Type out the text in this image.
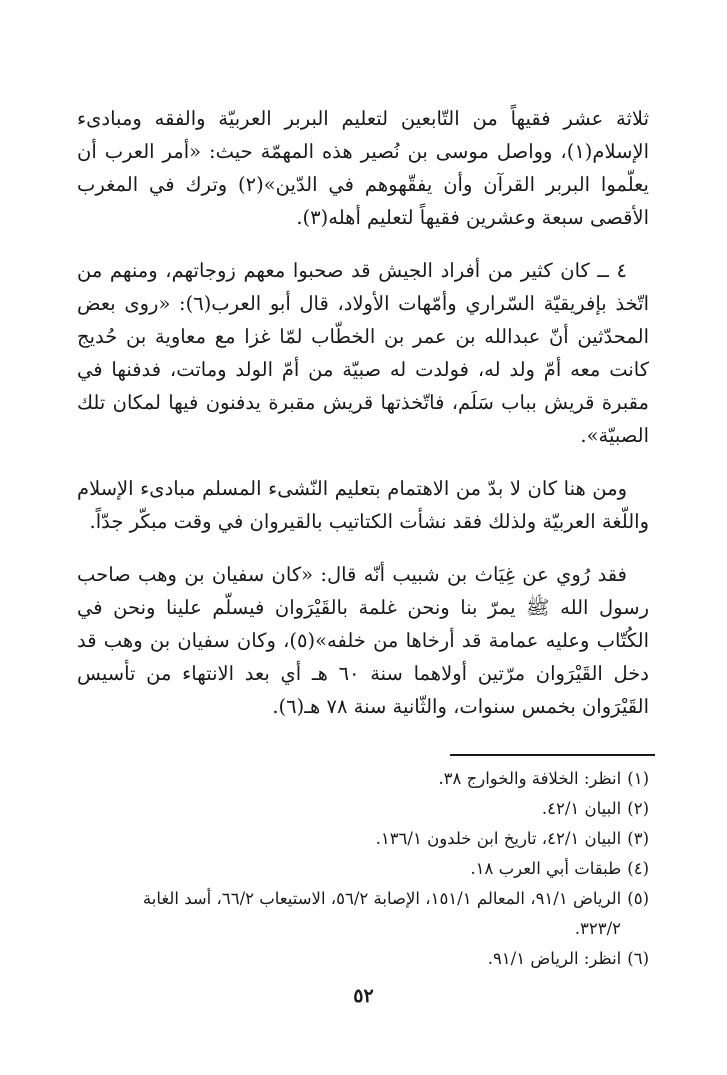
ثلاثة عشر فقيهاً من التّابعين لتعليم البربر العربيّة والفقه ومبادىء الإسلام(١)، وواصل موسى بن نُصير هذه المهمّة حيث: «أمر العرب أن يعلّموا البربر القرآن وأن يفقّهوهم في الدّين»(٢) وترك في المغرب الأقصى سبعة وعشرين فقيهاً لتعليم أهله(٣).

٤ ــ كان كثير من أفراد الجيش قد صحبوا معهم زوجاتهم، ومنهم من اتّخذ بإفريقيّة السّراري وأمّهات الأولاد، قال أبو العرب(٦): «روى بعض المحدّثين أنّ عبدالله بن عمر بن الخطّاب لمّا غزا مع معاوية بن حُديج كانت معه أمّ ولد له، فولدت له صبيّة من أمّ الولد وماتت، فدفنها في مقبرة قريش بباب سَلَم، فاتّخذتها قريش مقبرة يدفنون فيها لمكان تلك الصبيّة».

ومن هنا كان لا بدّ من الاهتمام بتعليم النّشىء المسلم مبادىء الإسلام واللّغة العربيّة ولذلك فقد نشأت الكتاتيب بالقيروان في وقت مبكّر جدّاً.

فقد رُوي عن غِيَاث بن شبيب أنّه قال: «كان سفيان بن وهب صاحب رسول الله ﷺ يمرّ بنا ونحن غلمة بالقَيْرَوان فيسلّم علينا ونحن في الكُتّاب وعليه عمامة قد أرخاها من خلفه»(٥)، وكان سفيان بن وهب قد دخل القَيْرَوان مرّتين أولاهما سنة ٦٠ هـ أي بعد الانتهاء من تأسيس القَيْرَوان بخمس سنوات، والثّانية سنة ٧٨ هـ(٦).

(١)انظر: الخلافة والخوارج ٣٨.

(٢)البيان ٤٢/١.

(٣)البيان ٤٢/١، تاريخ ابن خلدون ١٣٦/١.

(٤)طبقات أبي العرب ١٨.

(٥)الرياض ٩١/١، المعالم ١٥١/١، الإصابة ٥٦/٢، الاستيعاب ٦٦/٢، أسد الغابة

٣٢٣/٢.

(٦)انظر: الرياض ٩١/١.

٥٢
